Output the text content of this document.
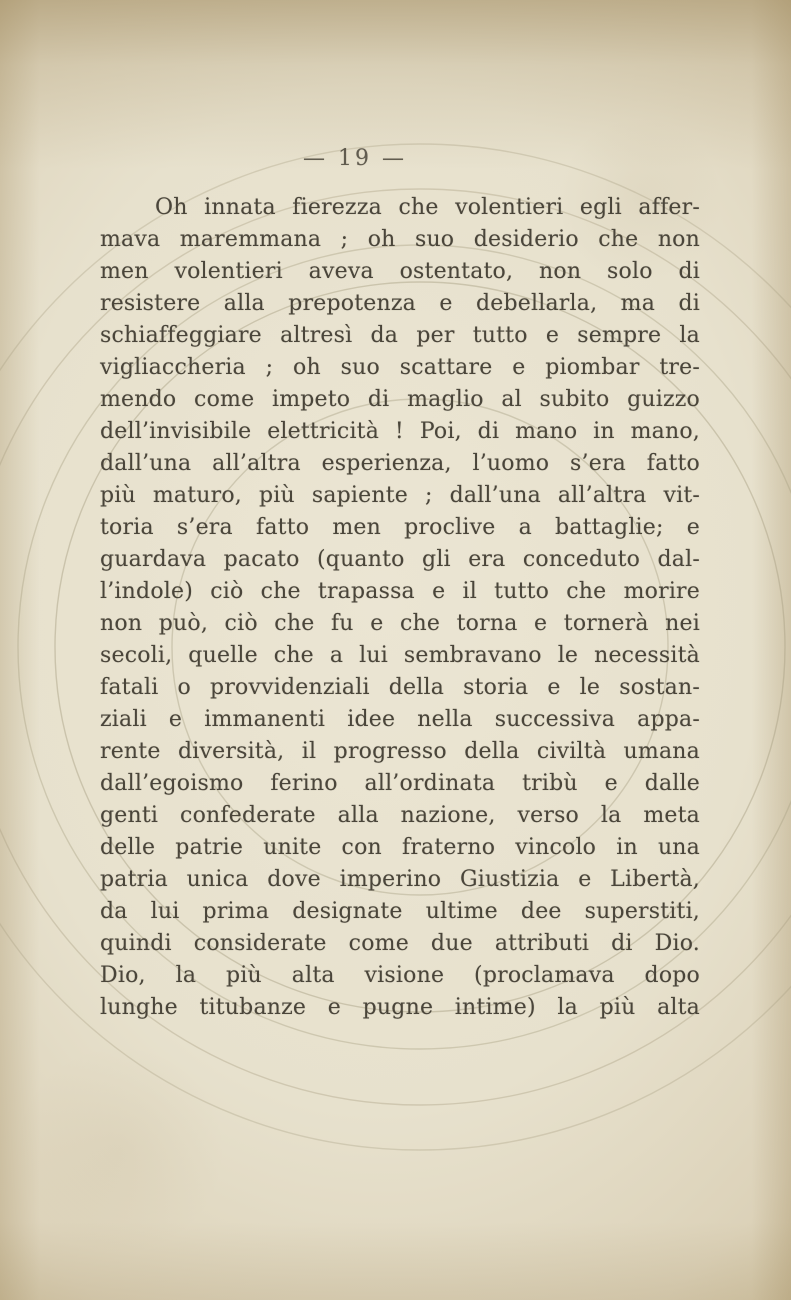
— 19 —
Oh innata fierezza che volentieri egli affer-
mava maremmana ; oh suo desiderio che non
men volentieri aveva ostentato, non solo di
resistere alla prepotenza e debellarla, ma di
schiaffeggiare altresì da per tutto e sempre la
vigliaccheria ; oh suo scattare e piombar tre-
mendo come impeto di maglio al subito guizzo
dell’invisibile elettricità ! Poi, di mano in mano,
dall’una all’altra esperienza, l’uomo s’era fatto
più maturo, più sapiente ; dall’una all’altra vit-
toria s’era fatto men proclive a battaglie; e
guardava pacato (quanto gli era conceduto dal-
l’indole) ciò che trapassa e il tutto che morire
non può, ciò che fu e che torna e tornerà nei
secoli, quelle che a lui sembravano le necessità
fatali o provvidenziali della storia e le sostan-
ziali e immanenti idee nella successiva appa-
rente diversità, il progresso della civiltà umana
dall’egoismo ferino all’ordinata tribù e dalle
genti confederate alla nazione, verso la meta
delle patrie unite con fraterno vincolo in una
patria unica dove imperino Giustizia e Libertà,
da lui prima designate ultime dee superstiti,
quindi considerate come due attributi di Dio.
Dio, la più alta visione (proclamava dopo
lunghe titubanze e pugne intime) la più alta
